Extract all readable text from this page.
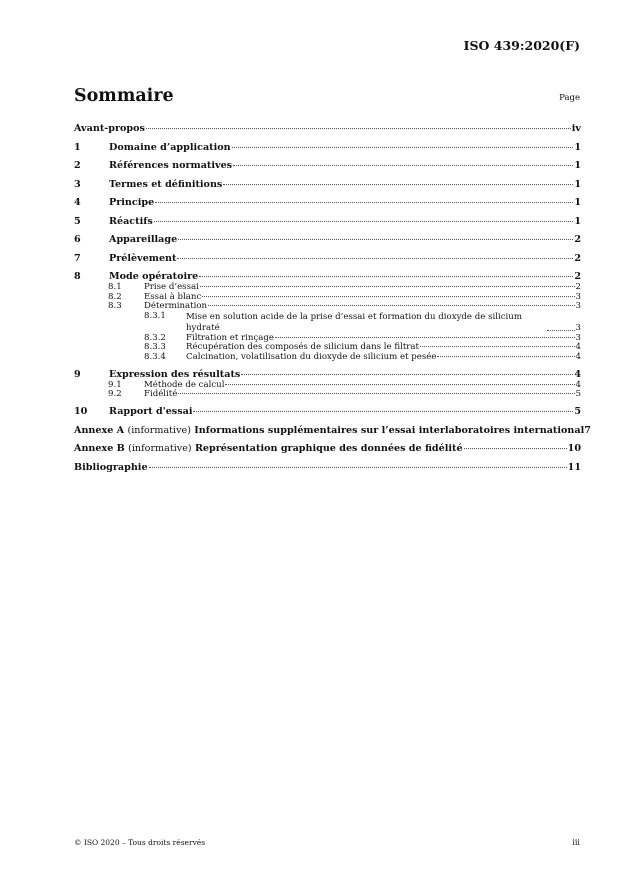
ISO 439:2020(F)
Sommaire	Page
Avant-propos	iv
1	Domaine d’application	1
2	Références normatives	1
3	Termes et définitions	1
4	Principe	1
5	Réactifs	1
6	Appareillage	2
7	Prélèvement	2
8	Mode opératoire	2
8.1	Prise d’essai	2
8.2	Essai à blanc	3
8.3	Détermination	3
8.3.1	Mise en solution acide de la prise d’essai et formation du dioxyde de silicium hydraté	3
8.3.2	Filtration et rinçage	3
8.3.3	Récupération des composés de silicium dans le filtrat	4
8.3.4	Calcination, volatilisation du dioxyde de silicium et pesée	4
9	Expression des résultats	4
9.1	Méthode de calcul	4
9.2	Fidélité	5
10	Rapport d'essai	5
Annexe A (informative) Informations supplémentaires sur l’essai interlaboratoires international 7
Annexe B (informative) Représentation graphique des données de fidélité	10
Bibliographie	11
© ISO 2020 – Tous droits réservés	iii
